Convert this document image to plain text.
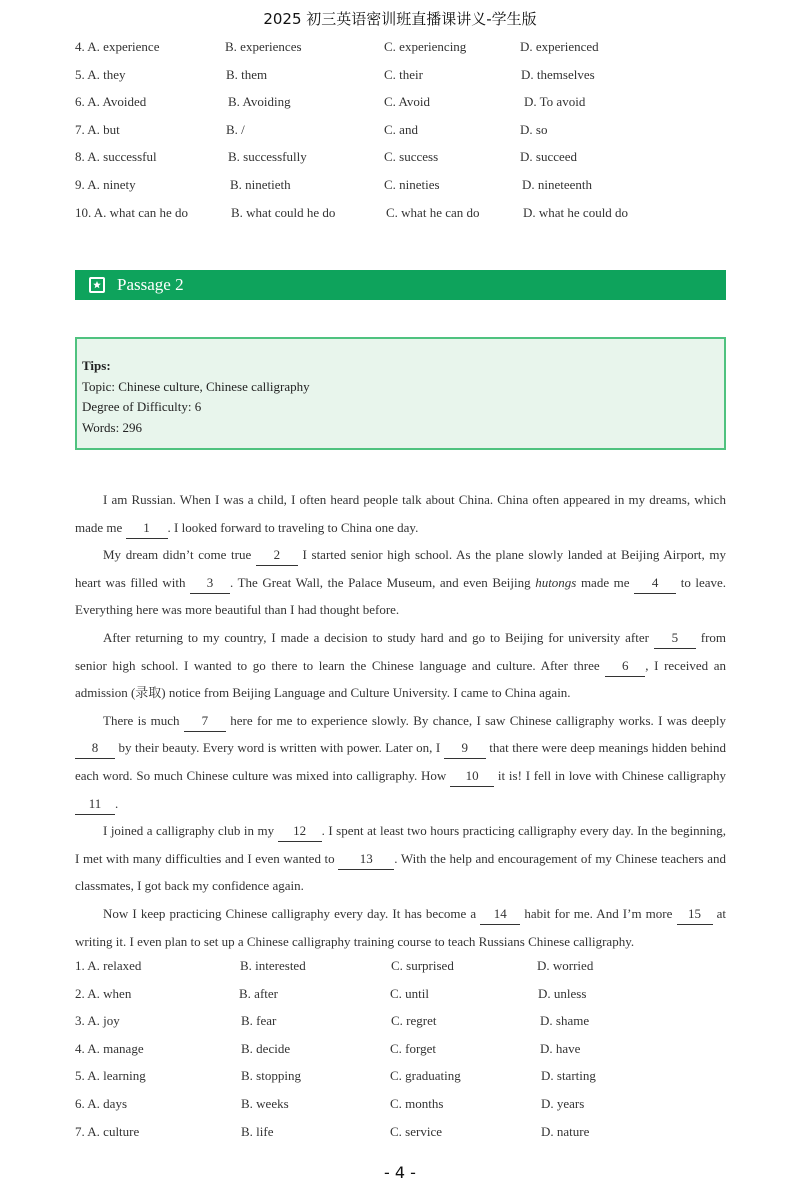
2025 初三英语密训班直播课讲义-学生版
4. A. experience	B. experiences	C. experiencing	D. experienced
5. A. they	B. them	C. their	D. themselves
6. A. Avoided	B. Avoiding	C. Avoid	D. To avoid
7. A. but	B. /	C. and	D. so
8. A. successful	B. successfully	C. success	D. succeed
9. A. ninety	B. ninetieth	C. nineties	D. nineteenth
10. A. what can he do	B. what could he do	C. what he can do	D. what he could do
Passage 2
Tips:
Topic: Chinese culture, Chinese calligraphy
Degree of Difficulty: 6
Words: 296

I am Russian. When I was a child, I often heard people talk about China. China often appeared in my dreams, which made me 1 . I looked forward to traveling to China one day.

My dream didn’t come true 2 I started senior high school. As the plane slowly landed at Beijing Airport, my heart was filled with 3 . The Great Wall, the Palace Museum, and even Beijing hutongs made me 4 to leave. Everything here was more beautiful than I had thought before.

After returning to my country, I made a decision to study hard and go to Beijing for university after 5 from senior high school. I wanted to go there to learn the Chinese language and culture. After three 6 , I received an admission (录取) notice from Beijing Language and Culture University. I came to China again.

There is much 7 here for me to experience slowly. By chance, I saw Chinese calligraphy works. I was deeply 8 by their beauty. Every word is written with power. Later on, I 9 that there were deep meanings hidden behind each word. So much Chinese culture was mixed into calligraphy. How 10 it is! I fell in love with Chinese calligraphy 11 .

I joined a calligraphy club in my 12 . I spent at least two hours practicing calligraphy every day. In the beginning, I met with many difficulties and I even wanted to 13 . With the help and encouragement of my Chinese teachers and classmates, I got back my confidence again.

Now I keep practicing Chinese calligraphy every day. It has become a 14 habit for me. And I’m more 15 at writing it. I even plan to set up a Chinese calligraphy training course to teach Russians Chinese calligraphy.

1. A. relaxed	B. interested	C. surprised	D. worried
2. A. when	B. after	C. until	D. unless
3. A. joy	B. fear	C. regret	D. shame
4. A. manage	B. decide	C. forget	D. have
5. A. learning	B. stopping	C. graduating	D. starting
6. A. days	B. weeks	C. months	D. years
7. A. culture	B. life	C. service	D. nature
- 4 -
